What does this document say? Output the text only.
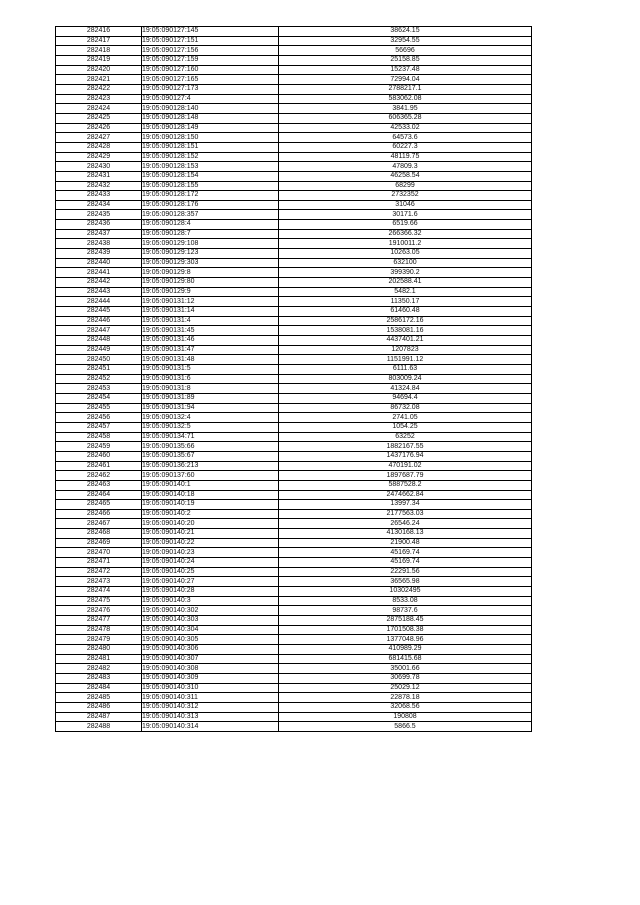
282416	19:05:090127:145	38624.15
282417	19:05:090127:151	32954.55
282418	19:05:090127:156	56696
282419	19:05:090127:159	25158.85
282420	19:05:090127:160	15237.48
282421	19:05:090127:165	72994.04
282422	19:05:090127:173	2788217.1
282423	19:05:090127:4	583062.08
282424	19:05:090128:140	3841.95
282425	19:05:090128:148	606365.28
282426	19:05:090128:149	42533.02
282427	19:05:090128:150	64573.6
282428	19:05:090128:151	60227.3
282429	19:05:090128:152	48119.75
282430	19:05:090128:153	47809.3
282431	19:05:090128:154	46258.54
282432	19:05:090128:155	68299
282433	19:05:090128:172	2732352
282434	19:05:090128:176	31046
282435	19:05:090128:357	30171.6
282436	19:05:090128:4	6519.66
282437	19:05:090128:7	266366.32
282438	19:05:090129:108	1910011.2
282439	19:05:090129:123	10263.05
282440	19:05:090129:303	632100
282441	19:05:090129:8	399390.2
282442	19:05:090129:80	202588.41
282443	19:05:090129:9	5482.1
282444	19:05:090131:12	11350.17
282445	19:05:090131:14	61460.48
282446	19:05:090131:4	2586172.16
282447	19:05:090131:45	1538081.16
282448	19:05:090131:46	4437401.21
282449	19:05:090131:47	1207823
282450	19:05:090131:48	1151991.12
282451	19:05:090131:5	6111.63
282452	19:05:090131:6	803009.24
282453	19:05:090131:8	41324.84
282454	19:05:090131:89	94694.4
282455	19:05:090131:94	86732.08
282456	19:05:090132:4	2741.05
282457	19:05:090132:5	1054.25
282458	19:05:090134:71	63252
282459	19:05:090135:66	1882167.55
282460	19:05:090135:67	1437176.94
282461	19:05:090136:213	470191.02
282462	19:05:090137:60	1897687.79
282463	19:05:090140:1	5887528.2
282464	19:05:090140:18	2474662.84
282465	19:05:090140:19	13997.34
282466	19:05:090140:2	2177563.03
282467	19:05:090140:20	26546.24
282468	19:05:090140:21	4130168.13
282469	19:05:090140:22	21900.48
282470	19:05:090140:23	45169.74
282471	19:05:090140:24	45169.74
282472	19:05:090140:25	22291.56
282473	19:05:090140:27	36565.98
282474	19:05:090140:28	10302495
282475	19:05:090140:3	8533.08
282476	19:05:090140:302	98737.6
282477	19:05:090140:303	2875188.45
282478	19:05:090140:304	1701508.38
282479	19:05:090140:305	1377048.96
282480	19:05:090140:306	410989.29
282481	19:05:090140:307	681415.68
282482	19:05:090140:308	35001.66
282483	19:05:090140:309	30699.78
282484	19:05:090140:310	25029.12
282485	19:05:090140:311	22878.18
282486	19:05:090140:312	32068.56
282487	19:05:090140:313	190808
282488	19:05:090140:314	5866.5
